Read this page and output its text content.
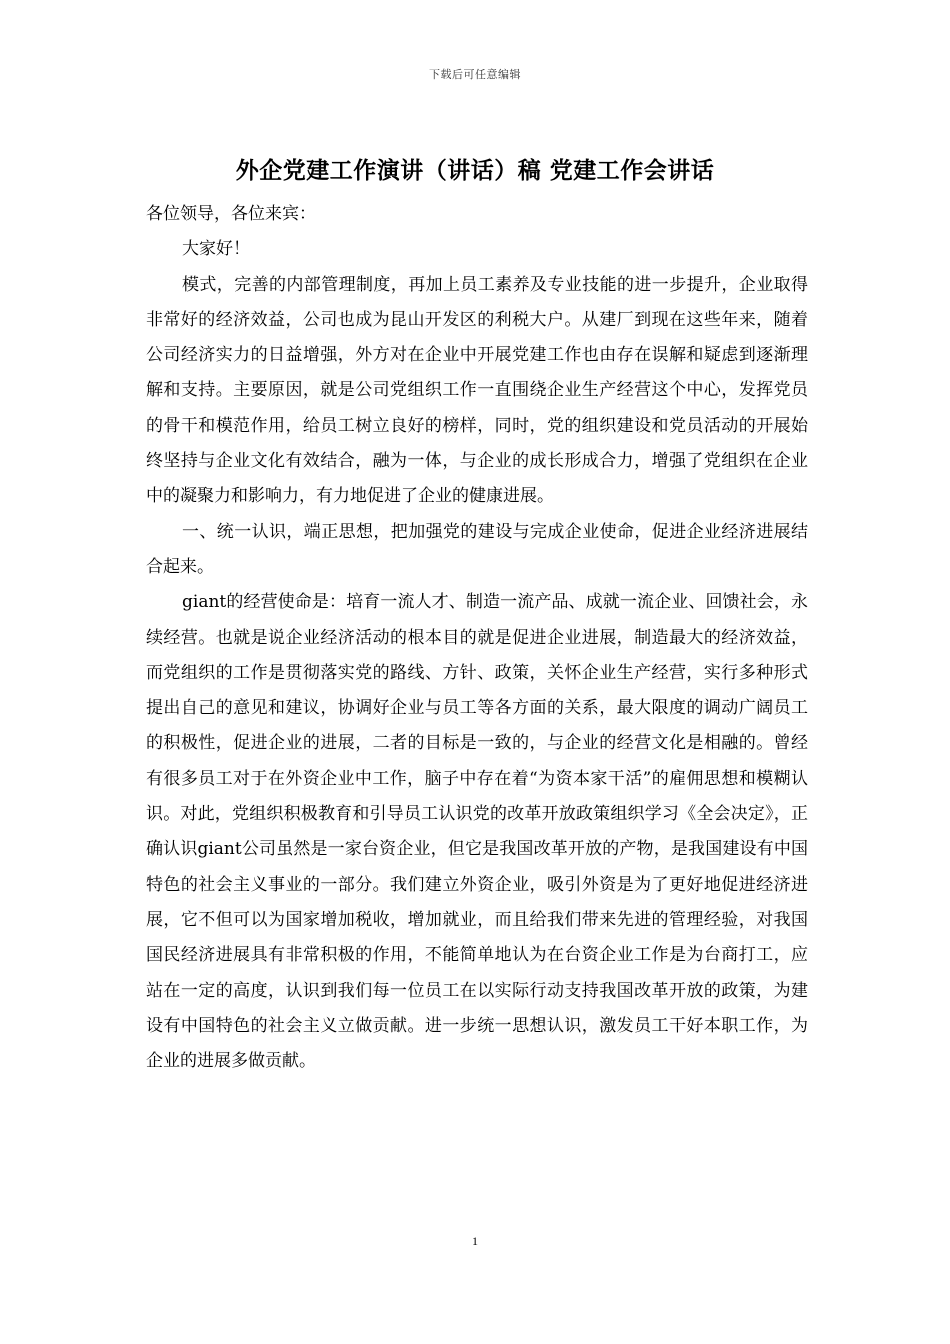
下载后可任意编辑
外企党建工作演讲（讲话）稿 党建工作会讲话

各位领导，各位来宾：

大家好！

模式，完善的内部管理制度，再加上员工素养及专业技能的进一步提升，企业取得非常好的经济效益，公司也成为昆山开发区的利税大户。从建厂到现在这些年来，随着公司经济实力的日益增强，外方对在企业中开展党建工作也由存在误解和疑虑到逐渐理解和支持。主要原因，就是公司党组织工作一直围绕企业生产经营这个中心，发挥党员的骨干和模范作用，给员工树立良好的榜样，同时，党的组织建设和党员活动的开展始终坚持与企业文化有效结合，融为一体，与企业的成长形成合力，增强了党组织在企业中的凝聚力和影响力，有力地促进了企业的健康进展。

一、统一认识，端正思想，把加强党的建设与完成企业使命，促进企业经济进展结合起来。

giant的经营使命是：培育一流人才、制造一流产品、成就一流企业、回馈社会，永续经营。也就是说企业经济活动的根本目的就是促进企业进展，制造最大的经济效益，而党组织的工作是贯彻落实党的路线、方针、政策，关怀企业生产经营，实行多种形式提出自己的意见和建议，协调好企业与员工等各方面的关系，最大限度的调动广阔员工的积极性，促进企业的进展，二者的目标是一致的，与企业的经营文化是相融的。曾经有很多员工对于在外资企业中工作，脑子中存在着“为资本家干活”的雇佣思想和模糊认识。对此，党组织积极教育和引导员工认识党的改革开放政策组织学习《全会决定》，正确认识giant公司虽然是一家台资企业，但它是我国改革开放的产物，是我国建设有中国特色的社会主义事业的一部分。我们建立外资企业，吸引外资是为了更好地促进经济进展，它不但可以为国家增加税收，增加就业，而且给我们带来先进的管理经验，对我国国民经济进展具有非常积极的作用，不能简单地认为在台资企业工作是为台商打工，应站在一定的高度，认识到我们每一位员工在以实际行动支持我国改革开放的政策，为建设有中国特色的社会主义立做贡献。进一步统一思想认识，激发员工干好本职工作，为企业的进展多做贡献。

1
